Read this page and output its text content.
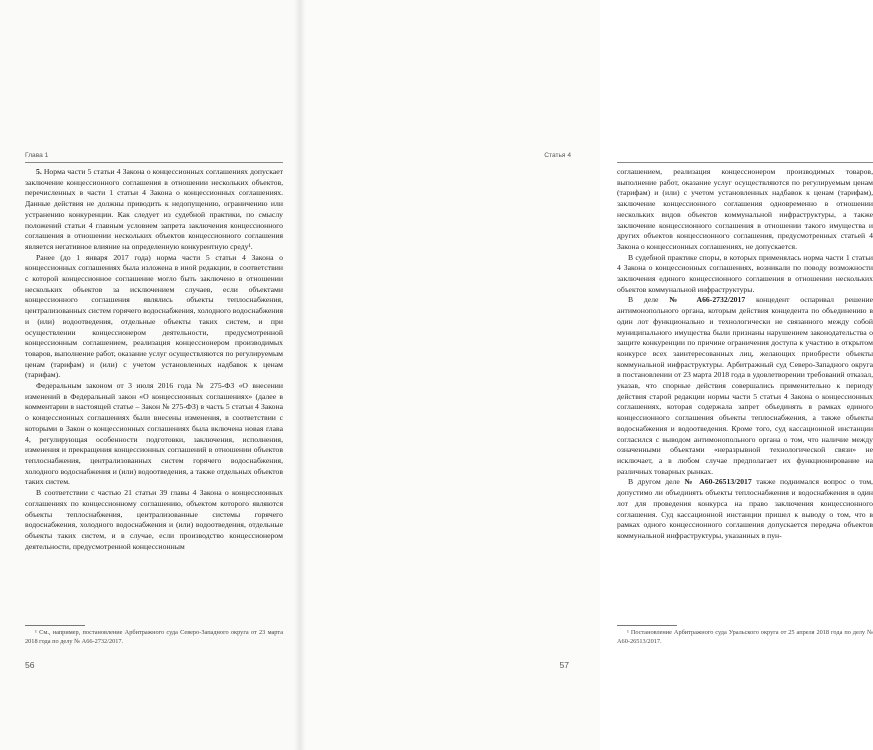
Глава 1

5. Норма части 5 статьи 4 Закона о концессионных соглашениях допускает заключение концессионного соглашения в отношении нескольких объектов, перечисленных в части 1 статьи 4 Закона о концессионных соглашениях. Данные действия не должны приводить к недопущению, ограничению или устранению конкуренции. Как следует из судебной практики, по смыслу положений статьи 4 главным условием запрета заключения концессионного соглашения в отношении нескольких объектов концессионного соглашения является негативное влияние на определенную конкурентную среду¹.

Ранее (до 1 января 2017 года) норма части 5 статьи 4 Закона о концессионных соглашениях была изложена в иной редакции, в соответствии с которой концессионное соглашение могло быть заключено в отношении нескольких объектов за исключением случаев, если объектами концессионного соглашения являлись объекты теплоснабжения, централизованных систем горячего водоснабжения, холодного водоснабжения и (или) водоотведения, отдельные объекты таких систем, и при осуществлении концессионером деятельности, предусмотренной концессионным соглашением, реализация концессионером производимых товаров, выполнение работ, оказание услуг осуществляются по регулируемым ценам (тарифам) и (или) с учетом установленных надбавок к ценам (тарифам).

Федеральным законом от 3 июля 2016 года № 275-ФЗ «О внесении изменений в Федеральный закон «О концессионных соглашениях» (далее в комментарии в настоящей статье – Закон № 275-ФЗ) в часть 5 статьи 4 Закона о концессионных соглашениях были внесены изменения, в соответствии с которыми в Закон о концессионных соглашениях была включена новая глава 4, регулирующая особенности подготовки, заключения, исполнения, изменения и прекращения концессионных соглашений в отношении объектов теплоснабжения, централизованных систем горячего водоснабжения, холодного водоснабжения и (или) водоотведения, а также отдельных объектов таких систем.

В соответствии с частью 21 статьи 39 главы 4 Закона о концессионных соглашениях по концессионному соглашению, объектом которого являются объекты теплоснабжения, централизованные системы горячего водоснабжения, холодного водоснабжения и (или) водоотведения, отдельные объекты таких систем, и в случае, если производство концессионером деятельности, предусмотренной концессионным

¹ См., например, постановление Арбитражного суда Северо-Западного округа от 23 марта 2018 года по делу № А66-2732/2017.

56
Статья 4

соглашением, реализация концессионером производимых товаров, выполнение работ, оказание услуг осуществляются по регулируемым ценам (тарифам) и (или) с учетом установленных надбавок к ценам (тарифам), заключение концессионного соглашения одновременно в отношении нескольких видов объектов коммунальной инфраструктуры, а также заключение концессионного соглашения в отношении такого имущества и других объектов концессионного соглашения, предусмотренных статьей 4 Закона о концессионных соглашениях, не допускается.

В судебной практике споры, в которых применялась норма части 1 статьи 4 Закона о концессионных соглашениях, возникали по поводу возможности заключения единого концессионного соглашения в отношении нескольких объектов коммунальной инфраструктуры.

В деле № А66-2732/2017 концедент оспаривал решение антимонопольного органа, которым действия концедента по объединению в один лот функционально и технологически не связанного между собой муниципального имущества были признаны нарушением законодательства о защите конкуренции по причине ограничения доступа к участию в открытом конкурсе всех заинтересованных лиц, желающих приобрести объекты коммунальной инфраструктуры. Арбитражный суд Северо-Западного округа в постановлении от 23 марта 2018 года в удовлетворении требований отказал, указав, что спорные действия совершались применительно к периоду действия старой редакции нормы части 5 статьи 4 Закона о концессионных соглашениях, которая содержала запрет объединять в рамках единого концессионного соглашения объекты теплоснабжения, а также объекты водоснабжения и водоотведения. Кроме того, суд кассационной инстанции согласился с выводом антимонопольного органа о том, что наличие между означенными объектами «неразрывной технологической связи» не исключает, а в любом случае предполагает их функционирование на различных товарных рынках.

В другом деле № А60-26513/2017 также поднимался вопрос о том, допустимо ли объединять объекты теплоснабжения и водоснабжения в один лот для проведения конкурса на право заключения концессионного соглашения. Суд кассационной инстанции пришел к выводу о том, что в рамках одного концессионного соглашения допускается передача объектов коммунальной инфраструктуры, указанных в пун-

¹ Постановление Арбитражного суда Уральского округа от 25 апреля 2018 года по делу № А60-26513/2017.

57
